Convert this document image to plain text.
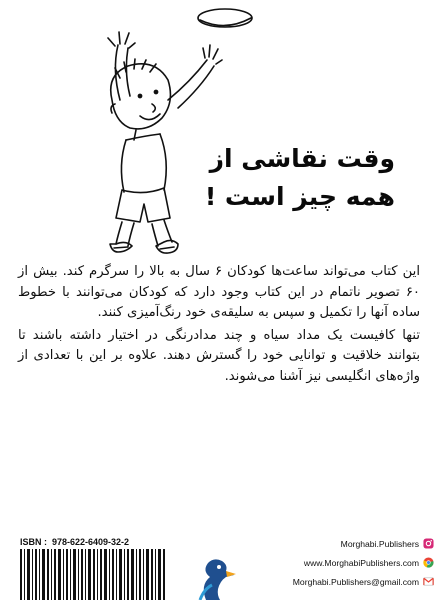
وقت نقاشی از
همه چیز است !

این کتاب می‌تواند ساعت‌ها کودکان ۶ سال به بالا را سرگرم کند. بیش از ۶۰ تصویر ناتمام در این کتاب وجود دارد که کودکان می‌توانند با خطوط ساده آنها را تکمیل و سپس به سلیقه‌ی خود رنگ‌آمیزی کنند.

تنها کافیست یک مداد سیاه و چند مدادرنگی در اختیار داشته باشند تا بتوانند خلاقیت و توانایی خود را گسترش دهند. علاوه بر این با تعدادی از واژه‌های انگلیسی نیز آشنا می‌شوند.

ISBN : 978-622-6409-32-2	Morghabi.Publishers
www.MorghabiPublishers.com
Morghabi.Publishers@gmail.com
